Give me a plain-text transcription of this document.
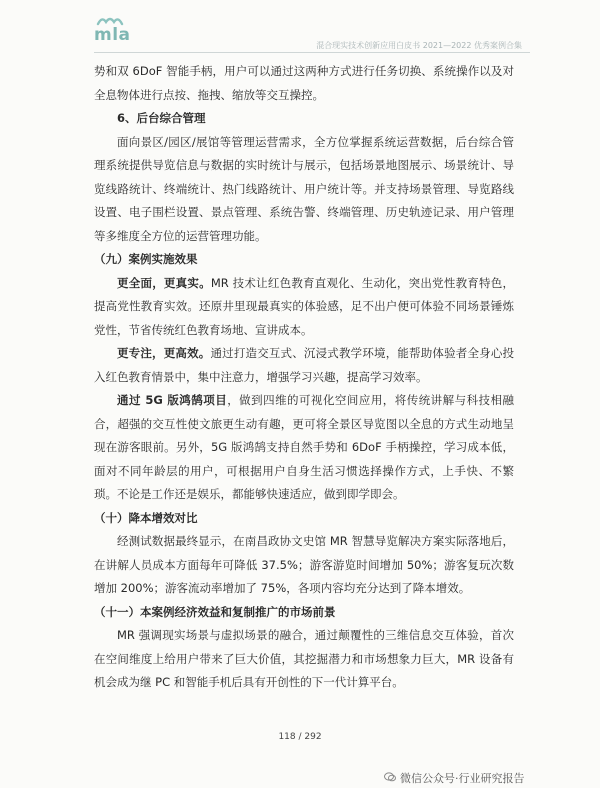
mla
混合现实技术创新应用白皮书 2021—2022 优秀案例合集

势和双 6DoF 智能手柄，用户可以通过这两种方式进行任务切换、系统操作以及对全息物体进行点按、拖拽、缩放等交互操控。

6、后台综合管理

面向景区/园区/展馆等管理运营需求，全方位掌握系统运营数据，后台综合管理系统提供导览信息与数据的实时统计与展示，包括场景地图展示、场景统计、导览线路统计、终端统计、热门线路统计、用户统计等。并支持场景管理、导览路线设置、电子围栏设置、景点管理、系统告警、终端管理、历史轨迹记录、用户管理等多维度全方位的运营管理功能。

（九）案例实施效果

更全面，更真实。MR 技术让红色教育直观化、生动化，突出党性教育特色，提高党性教育实效。还原井里现最真实的体验感，足不出户便可体验不同场景锤炼党性，节省传统红色教育场地、宣讲成本。

更专注，更高效。通过打造交互式、沉浸式教学环境，能帮助体验者全身心投入红色教育情景中，集中注意力，增强学习兴趣，提高学习效率。

通过 5G 版鸿鹄项目，做到四维的可视化空间应用，将传统讲解与科技相融合，超强的交互性使文旅更生动有趣，更可将全景区导览图以全息的方式生动地呈现在游客眼前。另外，5G 版鸿鹄支持自然手势和 6DoF 手柄操控，学习成本低，面对不同年龄层的用户，可根据用户自身生活习惯选择操作方式，上手快、不繁琐。不论是工作还是娱乐，都能够快速适应，做到即学即会。

（十）降本增效对比

经测试数据最终显示，在南昌政协文史馆 MR 智慧导览解决方案实际落地后，在讲解人员成本方面每年可降低 37.5%；游客游览时间增加 50%；游客复玩次数增加 200%；游客流动率增加了 75%，各项内容均充分达到了降本增效。

（十一）本案例经济效益和复制推广的市场前景

MR 强调现实场景与虚拟场景的融合，通过颠覆性的三维信息交互体验，首次在空间维度上给用户带来了巨大价值，其挖掘潜力和市场想象力巨大，MR 设备有机会成为继 PC 和智能手机后具有开创性的下一代计算平台。

118 / 292
微信公众号·行业研究报告
